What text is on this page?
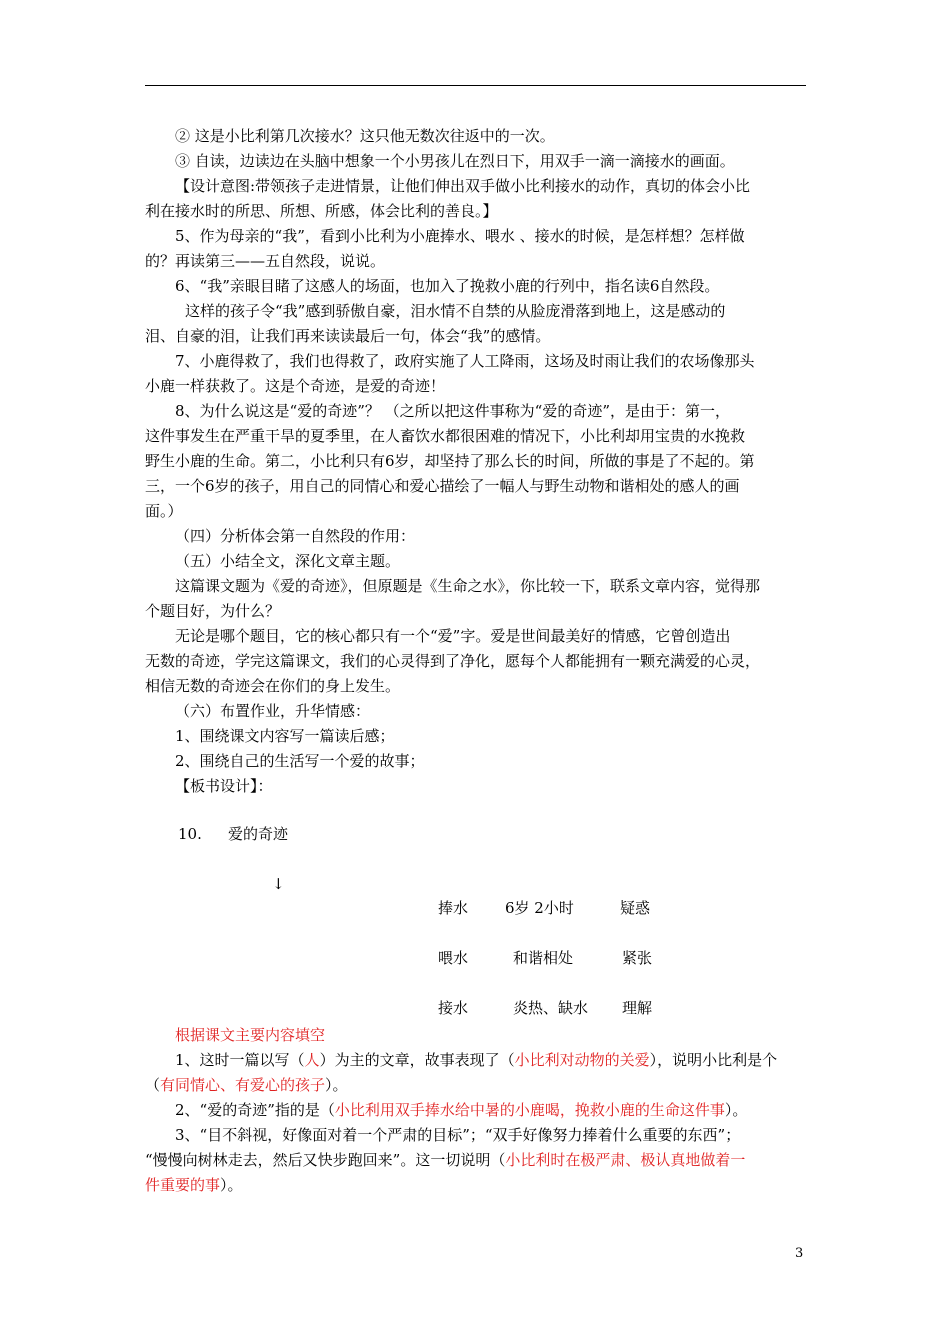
② 这是小比利第几次接水？这只他无数次往返中的一次。
③ 自读，边读边在头脑中想象一个小男孩儿在烈日下，用双手一滴一滴接水的画面。
【设计意图:带领孩子走进情景，让他们伸出双手做小比利接水的动作，真切的体会小比
利在接水时的所思、所想、所感，体会比利的善良。】
5、作为母亲的“我”，看到小比利为小鹿捧水、喂水 、接水的时候，是怎样想？怎样做
的？再读第三——五自然段，说说。
6、“我”亲眼目睹了这感人的场面，也加入了挽救小鹿的行列中，指名读6自然段。
这样的孩子令“我”感到骄傲自豪，泪水情不自禁的从脸庞滑落到地上，这是感动的
泪、自豪的泪，让我们再来读读最后一句，体会“我”的感情。
7、小鹿得救了，我们也得救了，政府实施了人工降雨，这场及时雨让我们的农场像那头
小鹿一样获救了。这是个奇迹，是爱的奇迹！
8、为什么说这是“爱的奇迹”？ （之所以把这件事称为“爱的奇迹”，是由于：第一，
这件事发生在严重干旱的夏季里，在人畜饮水都很困难的情况下，小比利却用宝贵的水挽救
野生小鹿的生命。第二，小比利只有6岁，却坚持了那么长的时间，所做的事是了不起的。第
三，一个6岁的孩子，用自己的同情心和爱心描绘了一幅人与野生动物和谐相处的感人的画
面。）
（四）分析体会第一自然段的作用：
（五）小结全文，深化文章主题。
这篇课文题为《爱的奇迹》，但原题是《生命之水》，你比较一下，联系文章内容，觉得那
个题目好，为什么？
无论是哪个题目，它的核心都只有一个“爱”字。爱是世间最美好的情感，它曾创造出
无数的奇迹，学完这篇课文，我们的心灵得到了净化，愿每个人都能拥有一颗充满爱的心灵，
相信无数的奇迹会在你们的身上发生。
（六）布置作业，升华情感：
1、围绕课文内容写一篇读后感；
2、围绕自己的生活写一个爱的故事；
【板书设计】：
10. 爱的奇迹
↓
捧水 6岁 2小时	疑惑
喂水	和谐相处	紧张
接水	炎热、缺水 理解
根据课文主要内容填空
1、这时一篇以写（人）为主的文章，故事表现了（小比利对动物的关爱），说明小比利是个
（有同情心、有爱心的孩子）。
2、“爱的奇迹”指的是（小比利用双手捧水给中暑的小鹿喝，挽救小鹿的生命这件事）。
3、“目不斜视，好像面对着一个严肃的目标”；“双手好像努力捧着什么重要的东西”；
“慢慢向树林走去，然后又快步跑回来”。这一切说明（小比利时在极严肃、极认真地做着一
件重要的事）。
3
